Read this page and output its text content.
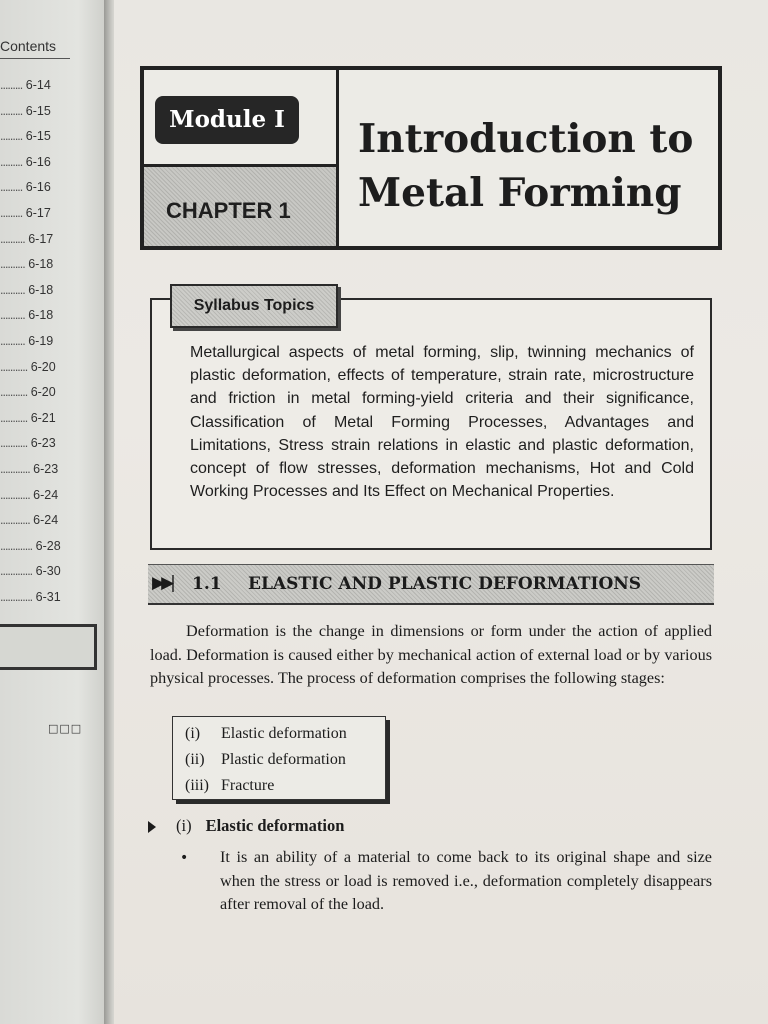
Contents
......... 6-14
......... 6-15
......... 6-15
......... 6-16
......... 6-16
......... 6-17
.......... 6-17
.......... 6-18
.......... 6-18
.......... 6-18
.......... 6-19
........... 6-20
........... 6-20
........... 6-21
........... 6-23
............ 6-23
............ 6-24
............ 6-24
............. 6-28
............. 6-30
............. 6-31
□□□
Module I
CHAPTER 1
Introduction to
Metal Forming
Syllabus Topics

Metallurgical aspects of metal forming, slip, twinning mechanics of plastic deformation, effects of temperature, strain rate, microstructure and friction in metal forming-yield criteria and their significance, Classification of Metal Forming Processes, Advantages and Limitations, Stress strain relations in elastic and plastic deformation, concept of flow stresses, deformation mechanisms, Hot and Cold Working Processes and Its Effect on Mechanical Properties.

▶▶| 1.1 ELASTIC AND PLASTIC DEFORMATIONS

Deformation is the change in dimensions or form under the action of applied load. Deformation is caused either by mechanical action of external load or by various physical processes. The process of deformation comprises the following stages:

(i) Elastic deformation
(ii) Plastic deformation
(iii) Fracture
(i) Elastic deformation
• It is an ability of a material to come back to its original shape and size when the stress or load is removed i.e., deformation completely disappears after removal of the load.
